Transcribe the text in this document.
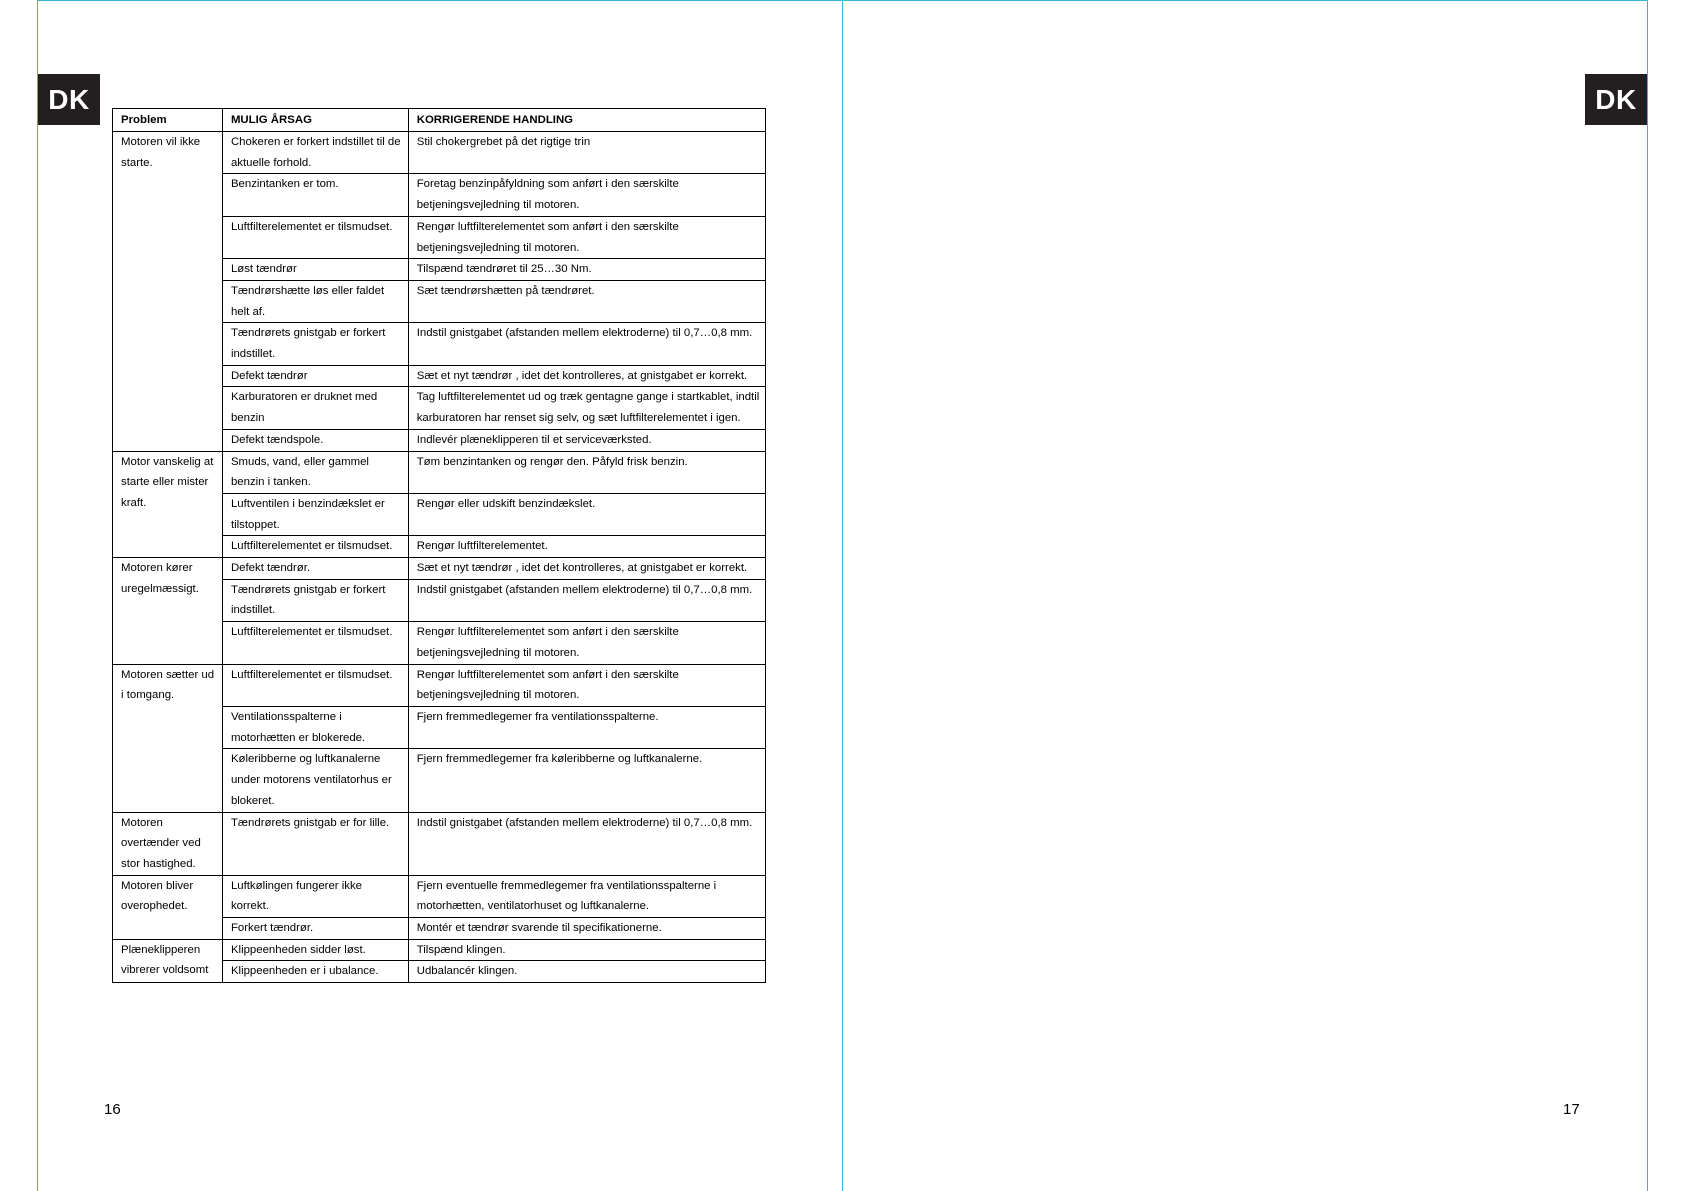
DK	DK
Problem	MULIG ÅRSAG	KORRIGERENDE HANDLING
Motoren vil ikke starte.	Chokeren er forkert indstillet til de aktuelle forhold.	Stil chokergrebet på det rigtige trin
	Benzintanken er tom.	Foretag benzinpåfyldning som anført i den særskilte betjeningsvejledning til motoren.
	Luftfilterelementet er tilsmudset.	Rengør luftfilterelementet som anført i den særskilte betjeningsvejledning til motoren.
	Løst tændrør	Tilspænd tændrøret til 25…30 Nm.
	Tændrørshætte løs eller faldet helt af.	Sæt tændrørshætten på tændrøret.
	Tændrørets gnistgab er forkert indstillet.	Indstil gnistgabet (afstanden mellem elektroderne) til 0,7…0,8 mm.
	Defekt tændrør	Sæt et nyt tændrør , idet det kontrolleres, at gnistgabet er korrekt.
	Karburatoren er druknet med benzin	Tag luftfilterelementet ud og træk gentagne gange i startkablet, indtil karburatoren har renset sig selv, og sæt luftfilterelementet i igen.
	Defekt tændspole.	Indlevér plæneklipperen til et serviceværksted.
Motor vanskelig at starte eller mister kraft.	Smuds, vand, eller gammel benzin i tanken.	Tøm benzintanken og rengør den. Påfyld frisk benzin.
	Luftventilen i benzindækslet er tilstoppet.	Rengør eller udskift benzindækslet.
	Luftfilterelementet er tilsmudset.	Rengør luftfilterelementet.
Motoren kører uregelmæssigt.	Defekt tændrør.	Sæt et nyt tændrør , idet det kontrolleres, at gnistgabet er korrekt.
	Tændrørets gnistgab er forkert indstillet.	Indstil gnistgabet (afstanden mellem elektroderne) til 0,7…0,8 mm.
	Luftfilterelementet er tilsmudset.	Rengør luftfilterelementet som anført i den særskilte betjeningsvejledning til motoren.
Motoren sætter ud i tomgang.	Luftfilterelementet er tilsmudset.	Rengør luftfilterelementet som anført i den særskilte betjeningsvejledning til motoren.
	Ventilationsspalterne i motorhætten er blokerede.	Fjern fremmedlegemer fra ventilationsspalterne.
	Køleribberne og luftkanalerne under motorens ventilatorhus er blokeret.	Fjern fremmedlegemer fra køleribberne og luftkanalerne.
Motoren overtænder ved stor hastighed.	Tændrørets gnistgab er for lille.	Indstil gnistgabet (afstanden mellem elektroderne) til 0,7…0,8 mm.
Motoren bliver overophedet.	Luftkølingen fungerer ikke korrekt.	Fjern eventuelle fremmedlegemer fra ventilationsspalterne i motorhætten, ventilatorhuset og luftkanalerne.
	Forkert tændrør.	Montér et tændrør svarende til specifikationerne.
Plæneklipperen vibrerer voldsomt	Klippeenheden sidder løst.	Tilspænd klingen.
	Klippeenheden er i ubalance.	Udbalancér klingen.
16	17
